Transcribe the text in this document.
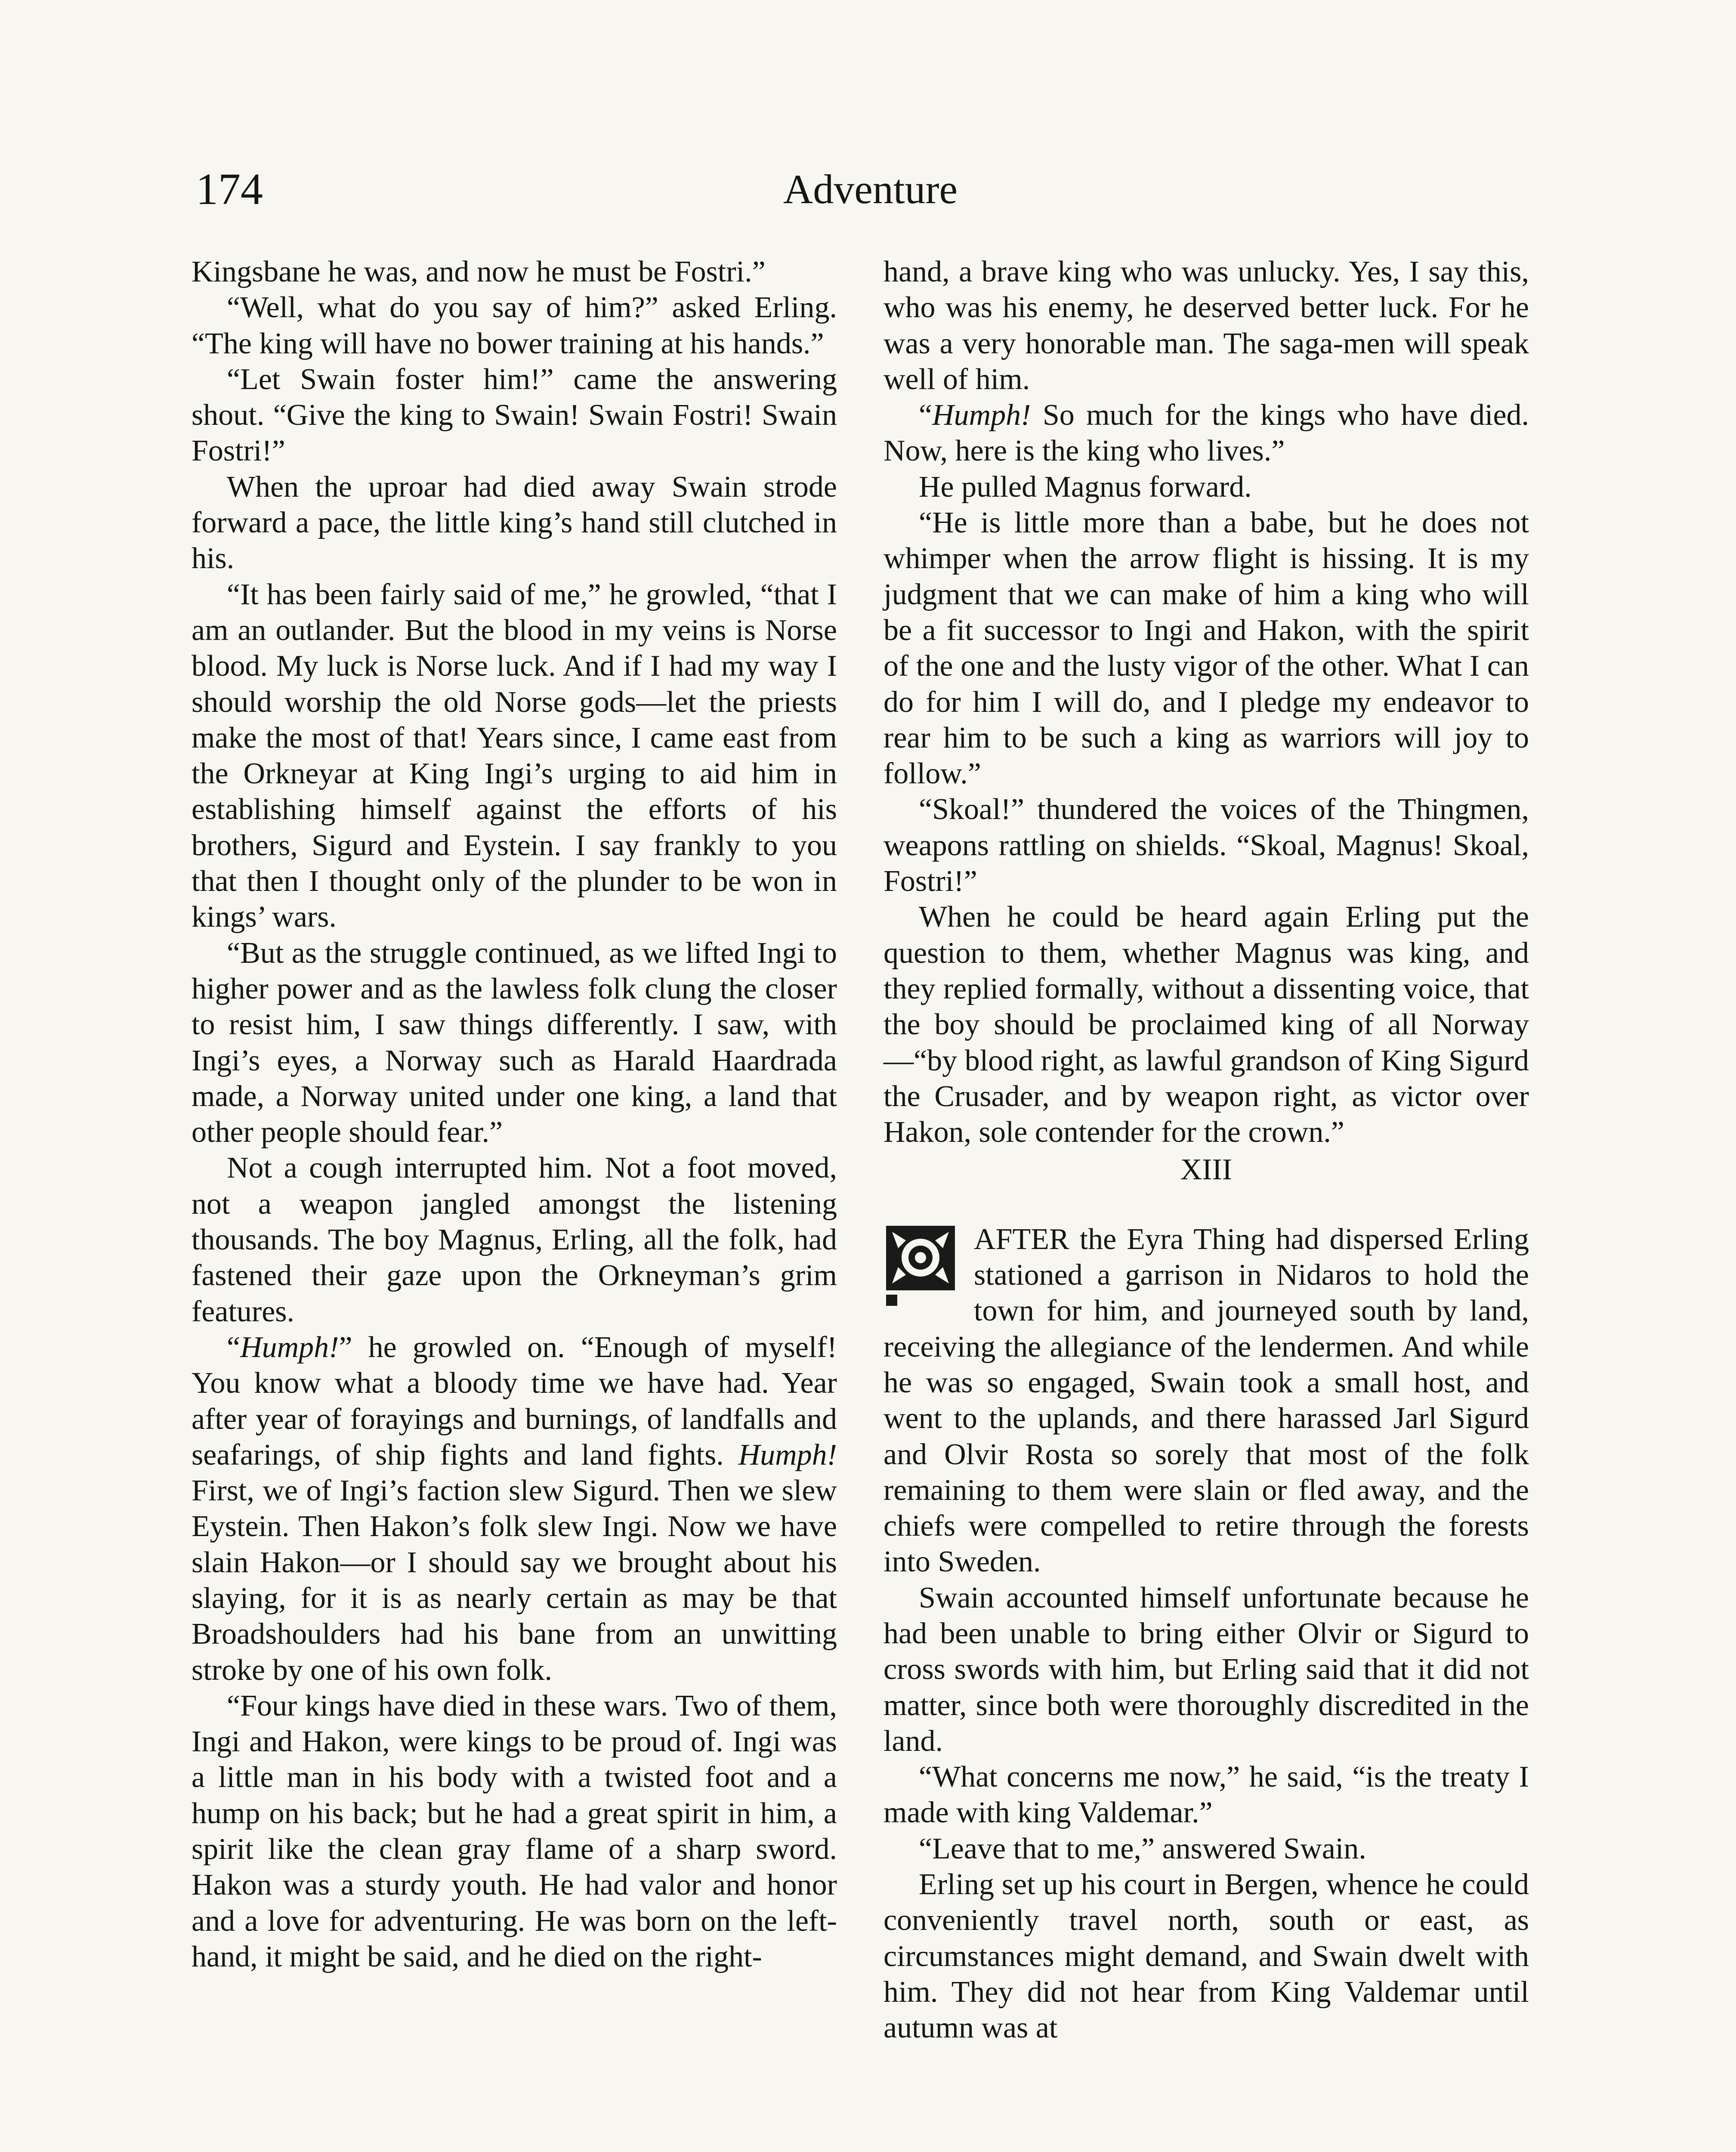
174	Adventure

Kingsbane he was, and now he must be Fostri.”

“Well, what do you say of him?” asked Erling. “The king will have no bower training at his hands.”

“Let Swain foster him!” came the answering shout. “Give the king to Swain! Swain Fostri! Swain Fostri!”

When the uproar had died away Swain strode forward a pace, the little king’s hand still clutched in his.

“It has been fairly said of me,” he growled, “that I am an outlander. But the blood in my veins is Norse blood. My luck is Norse luck. And if I had my way I should worship the old Norse gods—let the priests make the most of that! Years since, I came east from the Orkneyar at King Ingi’s urging to aid him in establishing himself against the efforts of his brothers, Sigurd and Eystein. I say frankly to you that then I thought only of the plunder to be won in kings’ wars.

“But as the struggle continued, as we lifted Ingi to higher power and as the lawless folk clung the closer to resist him, I saw things differently. I saw, with Ingi’s eyes, a Norway such as Harald Haardrada made, a Norway united under one king, a land that other people should fear.”

Not a cough interrupted him. Not a foot moved, not a weapon jangled amongst the listening thousands. The boy Magnus, Erling, all the folk, had fastened their gaze upon the Orkneyman’s grim features.

“Humph!” he growled on. “Enough of myself! You know what a bloody time we have had. Year after year of forayings and burnings, of landfalls and seafarings, of ship fights and land fights. Humph! First, we of Ingi’s faction slew Sigurd. Then we slew Eystein. Then Hakon’s folk slew Ingi. Now we have slain Hakon—or I should say we brought about his slaying, for it is as nearly certain as may be that Broadshoulders had his bane from an unwitting stroke by one of his own folk.

“Four kings have died in these wars. Two of them, Ingi and Hakon, were kings to be proud of. Ingi was a little man in his body with a twisted foot and a hump on his back; but he had a great spirit in him, a spirit like the clean gray flame of a sharp sword. Hakon was a sturdy youth. He had valor and honor and a love for adventuring. He was born on the left-hand, it might be said, and he died on the right-

hand, a brave king who was unlucky. Yes, I say this, who was his enemy, he deserved better luck. For he was a very honorable man. The saga-men will speak well of him.

“Humph! So much for the kings who have died. Now, here is the king who lives.”

He pulled Magnus forward.

“He is little more than a babe, but he does not whimper when the arrow flight is hissing. It is my judgment that we can make of him a king who will be a fit successor to Ingi and Hakon, with the spirit of the one and the lusty vigor of the other. What I can do for him I will do, and I pledge my endeavor to rear him to be such a king as warriors will joy to follow.”

“Skoal!” thundered the voices of the Thingmen, weapons rattling on shields. “Skoal, Magnus! Skoal, Fostri!”

When he could be heard again Erling put the question to them, whether Magnus was king, and they replied formally, without a dissenting voice, that the boy should be proclaimed king of all Norway—“by blood right, as lawful grandson of King Sigurd the Crusader, and by weapon right, as victor over Hakon, sole contender for the crown.”

XIII

AFTER the Eyra Thing had dispersed Erling stationed a garrison in Nidaros to hold the town for him, and journeyed south by land, receiving the allegiance of the lendermen. And while he was so engaged, Swain took a small host, and went to the uplands, and there harassed Jarl Sigurd and Olvir Rosta so sorely that most of the folk remaining to them were slain or fled away, and the chiefs were compelled to retire through the forests into Sweden.

Swain accounted himself unfortunate because he had been unable to bring either Olvir or Sigurd to cross swords with him, but Erling said that it did not matter, since both were thoroughly discredited in the land.

“What concerns me now,” he said, “is the treaty I made with king Valdemar.”

“Leave that to me,” answered Swain.

Erling set up his court in Bergen, whence he could conveniently travel north, south or east, as circumstances might demand, and Swain dwelt with him. They did not hear from King Valdemar until autumn was at
